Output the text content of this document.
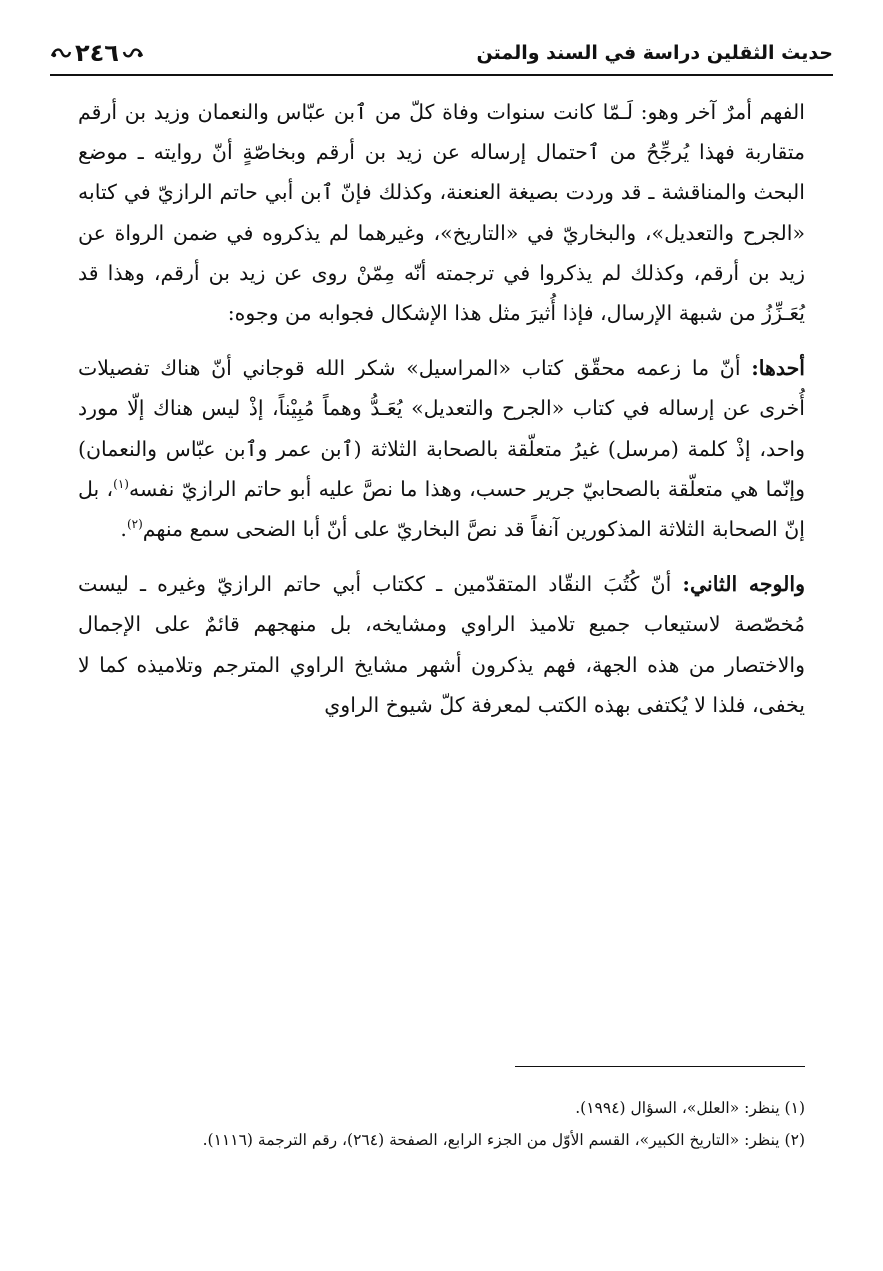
٢٤٦	حديث الثقلين دراسة في السند والمتن

الفهم أمرٌ آخر وهو: لَـمّا كانت سنوات وفاة كلّ من ٱبن عبّاس والنعمان وزيد بن أرقم متقاربة فهذا يُرجِّحُ من ٱحتمال إرساله عن زيد بن أرقم وبخاصّةٍ أنّ روايته ـ موضع البحث والمناقشة ـ قد وردت بصيغة العنعنة، وكذلك فإنّ ٱبن أبي حاتم الرازيّ في كتابه «الجرح والتعديل»، والبخاريّ في «التاريخ»، وغيرهما لم يذكروه في ضمن الرواة عن زيد بن أرقم، وكذلك لم يذكروا في ترجمته أنّه مِمّنْ روى عن زيد بن أرقم، وهذا قد يُعَـزِّزُ من شبهة الإرسال، فإذا أُثيرَ مثل هذا الإشكال فجوابه من وجوه:

أحدها: أنّ ما زعمه محقّق كتاب «المراسيل» شكر الله قوجاني أنّ هناك تفصيلات أُخرى عن إرساله في كتاب «الجرح والتعديل» يُعَـدُّ وهماً مُبِيْناً، إذْ ليس هناك إلّا مورد واحد، إذْ كلمة (مرسل) غيرُ متعلّقة بالصحابة الثلاثة (ٱبن عمر وٱبن عبّاس والنعمان) وإنّما هي متعلّقة بالصحابيّ جرير حسب، وهذا ما نصَّ عليه أبو حاتم الرازيّ نفسه$^{(١)}$، بل إنّ الصحابة الثلاثة المذكورين آنفاً قد نصَّ البخاريّ على أنّ أبا الضحى سمع منهم$^{(٢)}$.

والوجه الثاني: أنّ كُتُبَ النقّاد المتقدّمين ـ ككتاب أبي حاتم الرازيّ وغيره ـ ليست مُخصّصة لاستيعاب جميع تلاميذ الراوي ومشايخه، بل منهجهم قائمٌ على الإجمال والاختصار من هذه الجهة، فهم يذكرون أشهر مشايخ الراوي المترجم وتلاميذه كما لا يخفى، فلذا لا يُكتفى بهذه الكتب لمعرفة كلّ شيوخ الراوي

(١) ينظر: «العلل»، السؤال (١٩٩٤).

(٢) ينظر: «التاريخ الكبير»، القسم الأوّل من الجزء الرابع، الصفحة (٢٦٤)، رقم الترجمة (١١١٦).
